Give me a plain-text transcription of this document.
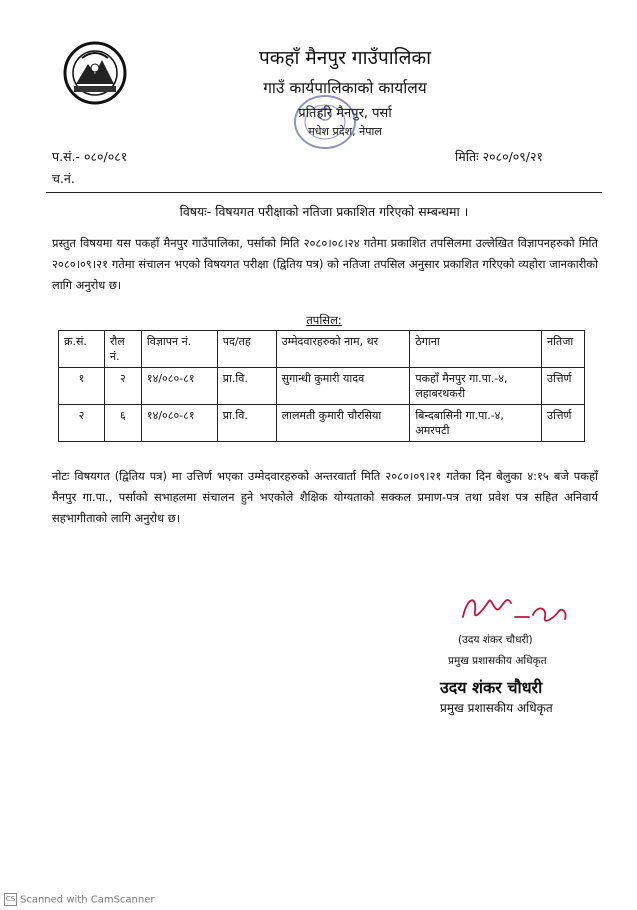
पकहाँ मैनपुर गाउँपालिका
गाउँ कार्यपालिकाको कार्यालय
प्रतिहरि मैनपुर, पर्सा
मधेश प्रदेश, नेपाल
प.सं.- ०८०/०८१
च.नं.
मितिः २०८०/०९/२१
विषयः- विषयगत परीक्षाको नतिजा प्रकाशित गरिएको सम्बन्धमा ।
प्रस्तुत विषयमा यस पकहाँ मैनपुर गाउँपालिका, पर्साको मिति २०८०।०८।२४ गतेमा प्रकाशित तपसिलमा उल्लेखित विज्ञापनहरुको मिति २०८०।०९।२१ गतेमा संचालन भएको विषयगत परीक्षा (द्वितिय पत्र) को नतिजा तपसिल अनुसार प्रकाशित गरिएको व्यहोरा जानकारीको लागि अनुरोध छ।
तपसिल:
क्र.सं.	रौल नं.	विज्ञापन नं.	पद/तह	उम्मेदवारहरुको नाम, थर	ठेगाना	नतिजा
१	२	१४/०८०-८१	प्रा.वि.	सुगान्धी कुमारी यादव	पकहाँ मैनपुर गा.पा.-४, लहाबरथकरी	उत्तिर्ण
२	६	१४/०८०-८१	प्रा.वि.	लालमती कुमारी चौरसिया	बिन्दबासिनी गा.पा.-४, अमरपटी	उत्तिर्ण
नोटः विषयगत (द्वितिय पत्र) मा उत्तिर्ण भएका उम्मेदवारहरुको अन्तरवार्ता मिति २०८०।०९।२१ गतेका दिन बेलुका ४:१५ बजे पकहाँ मैनपुर गा.पा., पर्साको सभाहलमा संचालन हुने भएकोले शैक्षिक योग्यताको सक्कल प्रमाण-पत्र तथा प्रवेश पत्र सहित अनिवार्य सहभागीताको लागि अनुरोध छ।
(उदय शंकर चौधरी)
प्रमुख प्रशासकीय अधिकृत
उदय शंकर चौधरी
प्रमुख प्रशासकीय अधिकृत
CS Scanned with CamScanner
